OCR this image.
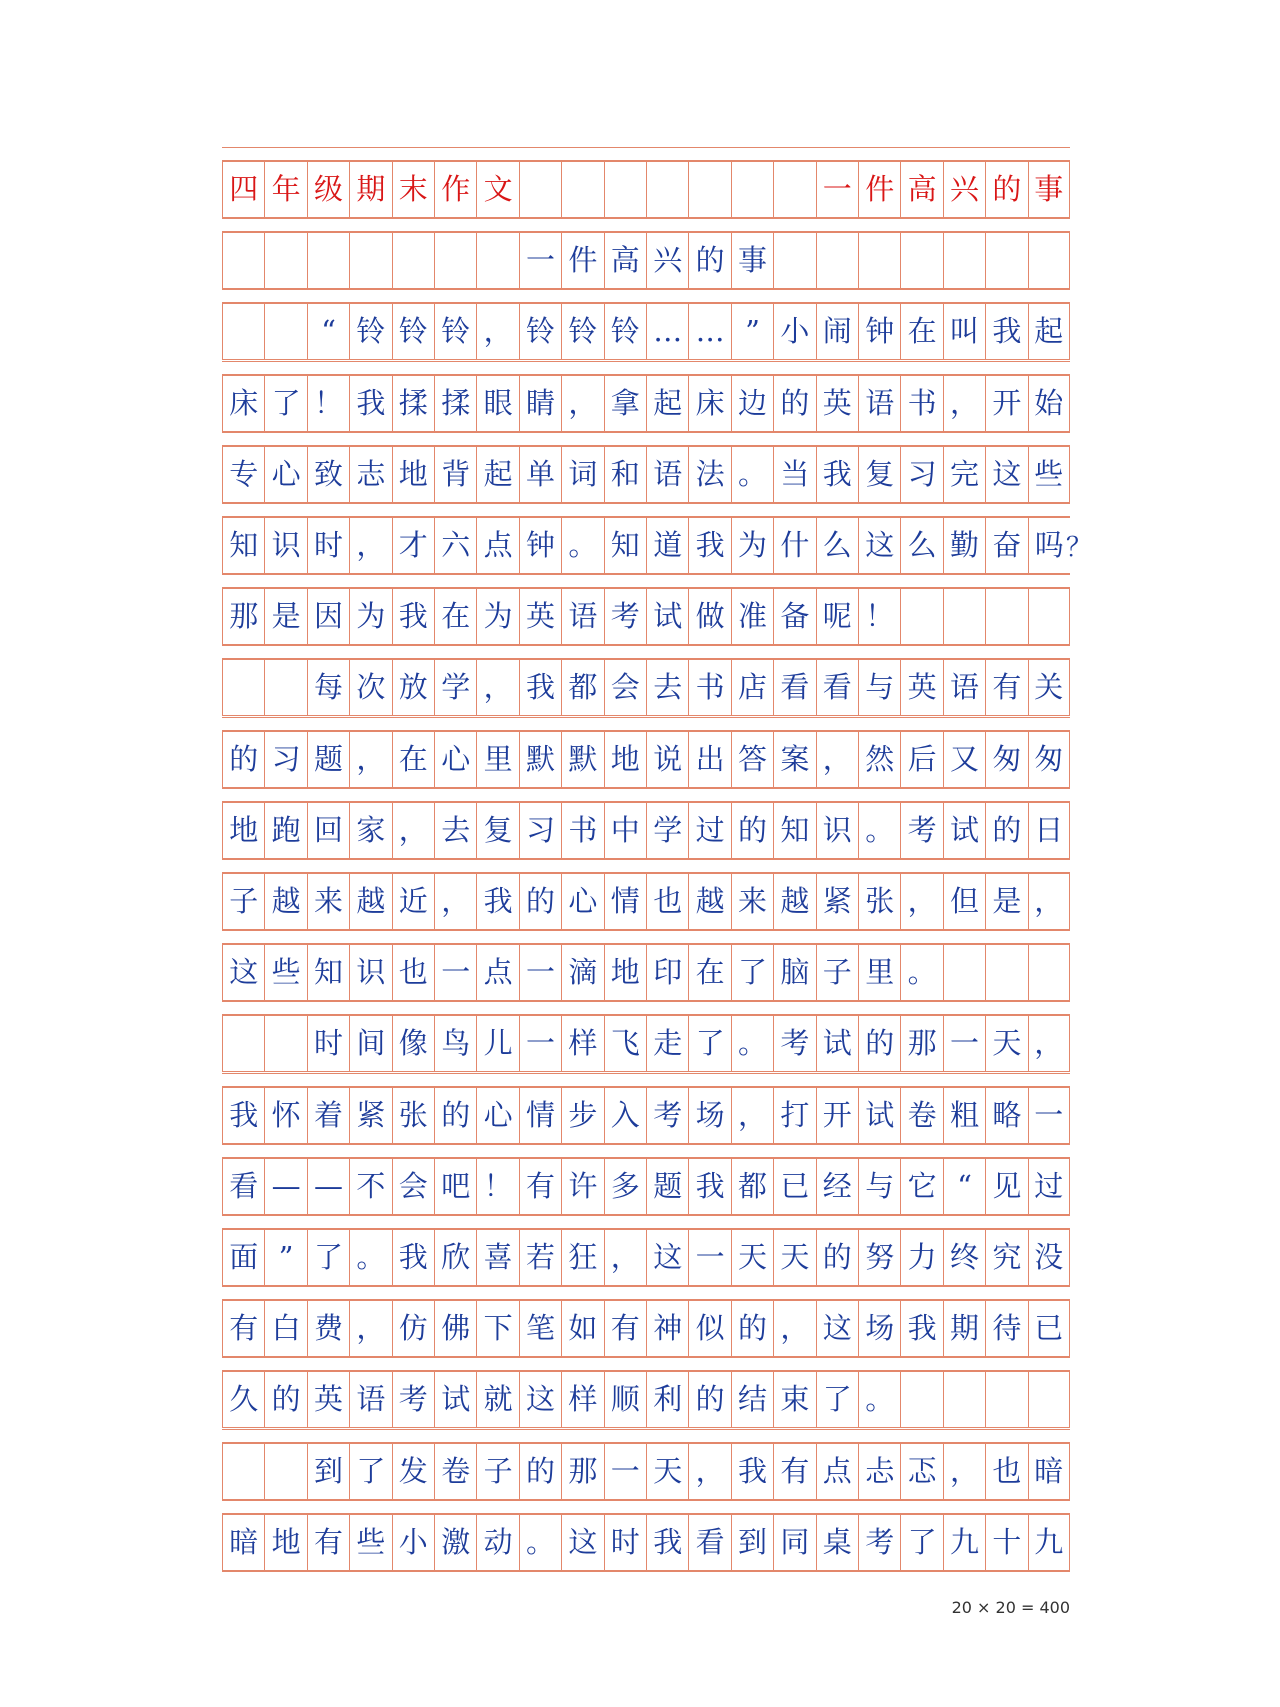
四 年 级 期 末 作 文	一 件 高 兴 的 事
一 件 高 兴 的 事
“ 铃 铃 铃 ， 铃 铃 铃 … … ” 小 闹 钟 在 叫 我 起
床 了 ！ 我 揉 揉 眼 睛 ， 拿 起 床 边 的 英 语 书 ， 开 始
专 心 致 志 地 背 起 单 词 和 语 法 。 当 我 复 习 完 这 些
知 识 时 ， 才 六 点 钟 。 知 道 我 为 什 么 这 么 勤 奋 吗 ？
那 是 因 为 我 在 为 英 语 考 试 做 准 备 呢 ！
每 次 放 学 ， 我 都 会 去 书 店 看 看 与 英 语 有 关
的 习 题 ， 在 心 里 默 默 地 说 出 答 案 ， 然 后 又 匆 匆
地 跑 回 家 ， 去 复 习 书 中 学 过 的 知 识 。 考 试 的 日
子 越 来 越 近 ， 我 的 心 情 也 越 来 越 紧 张 ， 但 是 ，
这 些 知 识 也 一 点 一 滴 地 印 在 了 脑 子 里 。
时 间 像 鸟 儿 一 样 飞 走 了 。 考 试 的 那 一 天 ，
我 怀 着 紧 张 的 心 情 步 入 考 场 ， 打 开 试 卷 粗 略 一
看 — — 不 会 吧 ！ 有 许 多 题 我 都 已 经 与 它 “ 见 过
面 ” 了 。 我 欣 喜 若 狂 ， 这 一 天 天 的 努 力 终 究 没
有 白 费 ， 仿 佛 下 笔 如 有 神 似 的 ， 这 场 我 期 待 已
久 的 英 语 考 试 就 这 样 顺 利 的 结 束 了 。
到 了 发 卷 子 的 那 一 天 ， 我 有 点 忐 忑 ， 也 暗
暗 地 有 些 小 激 动 。 这 时 我 看 到 同 桌 考 了 九 十 九
20 × 20 = 400
